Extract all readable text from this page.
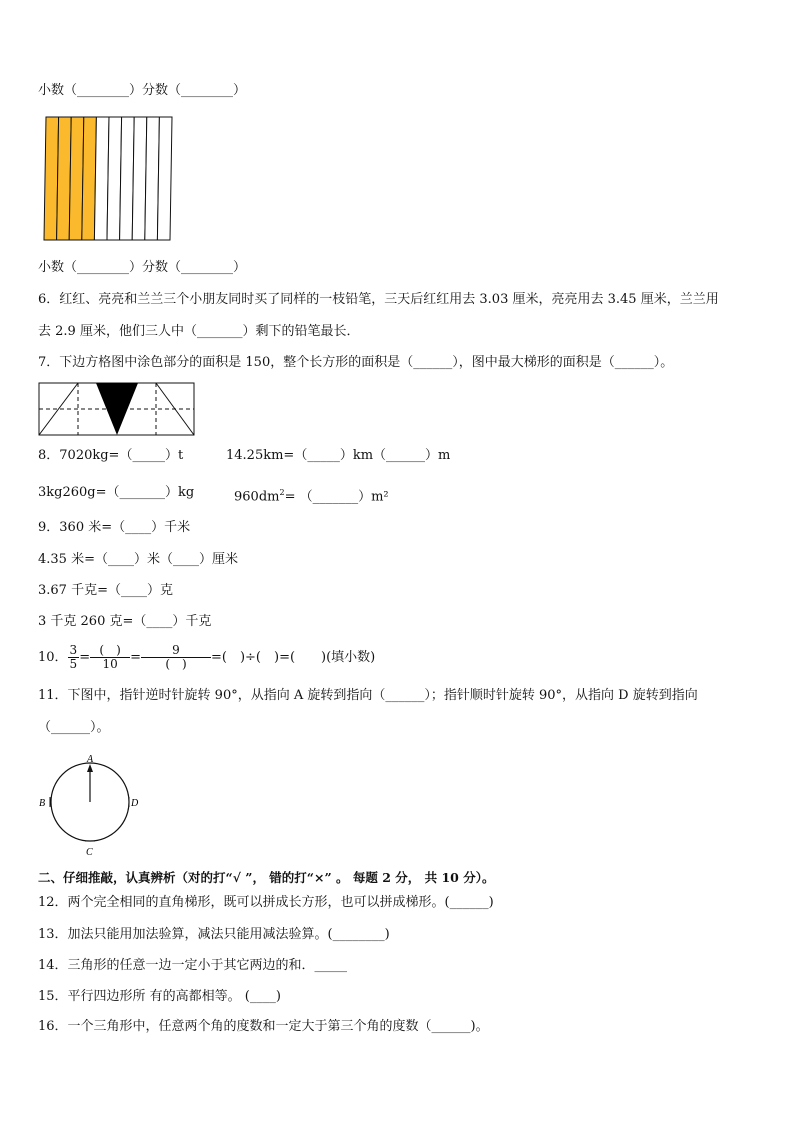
小数（________）分数（________）
小数（________）分数（________）
6．红红、亮亮和兰兰三个小朋友同时买了同样的一枝铅笔，三天后红红用去 3.03 厘米，亮亮用去 3.45 厘米，兰兰用
去 2.9 厘米，他们三人中（_______）剩下的铅笔最长．
7．下边方格图中涂色部分的面积是 150，整个长方形的面积是（______），图中最大梯形的面积是（______）。
8．7020kg=（_____）t	14.25km=（_____）km（______）m
3kg260g=（_______）kg	$960dm^2=$ （_______）m²
9．360 米=（____）千米
4.35 米=（____）米（____）厘米
3.67 千克=（____）克
3 千克 260 克=（____）千克
10． $\frac{3}{5} = \frac{( )}{10} = \frac{9}{( )}$ =(　)÷(　)=(　　)(填小数)
11．下图中，指针逆时针旋转 90°，从指向 A 旋转到指向（______）；指针顺时针旋转 90°，从指向 D 旋转到指向
（______）。
A
B
C
D
二、仔细推敲，认真辨析（对的打“√ ”， 错的打“×” 。 每题 2 分， 共 10 分）。
12．两个完全相同的直角梯形，既可以拼成长方形，也可以拼成梯形。(______)
13．加法只能用加法验算，减法只能用减法验算。(________)
14．三角形的任意一边一定小于其它两边的和．_____
15．平行四边形所 有的高都相等。 (____)
16．一个三角形中，任意两个角的度数和一定大于第三个角的度数（______)。
